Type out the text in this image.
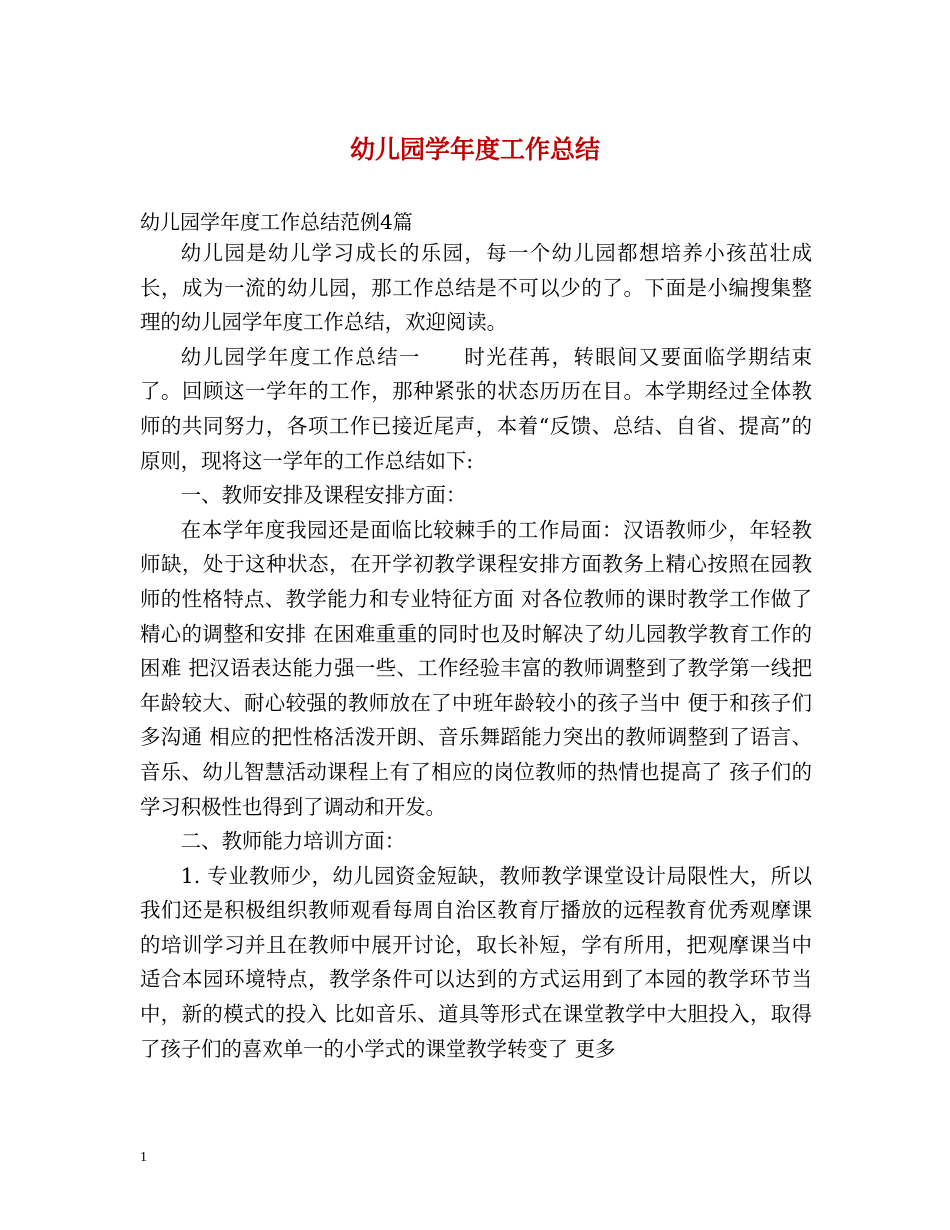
幼儿园学年度工作总结
幼儿园学年度工作总结范例4篇

幼儿园是幼儿学习成长的乐园，每一个幼儿园都想培养小孩茁壮成长，成为一流的幼儿园，那工作总结是不可以少的了。下面是小编搜集整理的幼儿园学年度工作总结，欢迎阅读。

幼儿园学年度工作总结一　　时光荏苒，转眼间又要面临学期结束了。回顾这一学年的工作，那种紧张的状态历历在目。本学期经过全体教师的共同努力，各项工作已接近尾声，本着“反馈、总结、自省、提高”的原则，现将这一学年的工作总结如下:

一、教师安排及课程安排方面：

在本学年度我园还是面临比较棘手的工作局面：汉语教师少，年轻教师缺，处于这种状态，在开学初教学课程安排方面教务上精心按照在园教师的性格特点、教学能力和专业特征方面 对各位教师的课时教学工作做了精心的调整和安排 在困难重重的同时也及时解决了幼儿园教学教育工作的困难 把汉语表达能力强一些、工作经验丰富的教师调整到了教学第一线把年龄较大、耐心较强的教师放在了中班年龄较小的孩子当中 便于和孩子们多沟通 相应的把性格活泼开朗、音乐舞蹈能力突出的教师调整到了语言、音乐、幼儿智慧活动课程上有了相应的岗位教师的热情也提高了 孩子们的学习积极性也得到了调动和开发。

二、教师能力培训方面：

1. 专业教师少，幼儿园资金短缺，教师教学课堂设计局限性大，所以我们还是积极组织教师观看每周自治区教育厅播放的远程教育优秀观摩课的培训学习并且在教师中展开讨论，取长补短，学有所用，把观摩课当中适合本园环境特点，教学条件可以达到的方式运用到了本园的教学环节当中，新的模式的投入 比如音乐、道具等形式在课堂教学中大胆投入，取得了孩子们的喜欢单一的小学式的课堂教学转变了 更多

1
